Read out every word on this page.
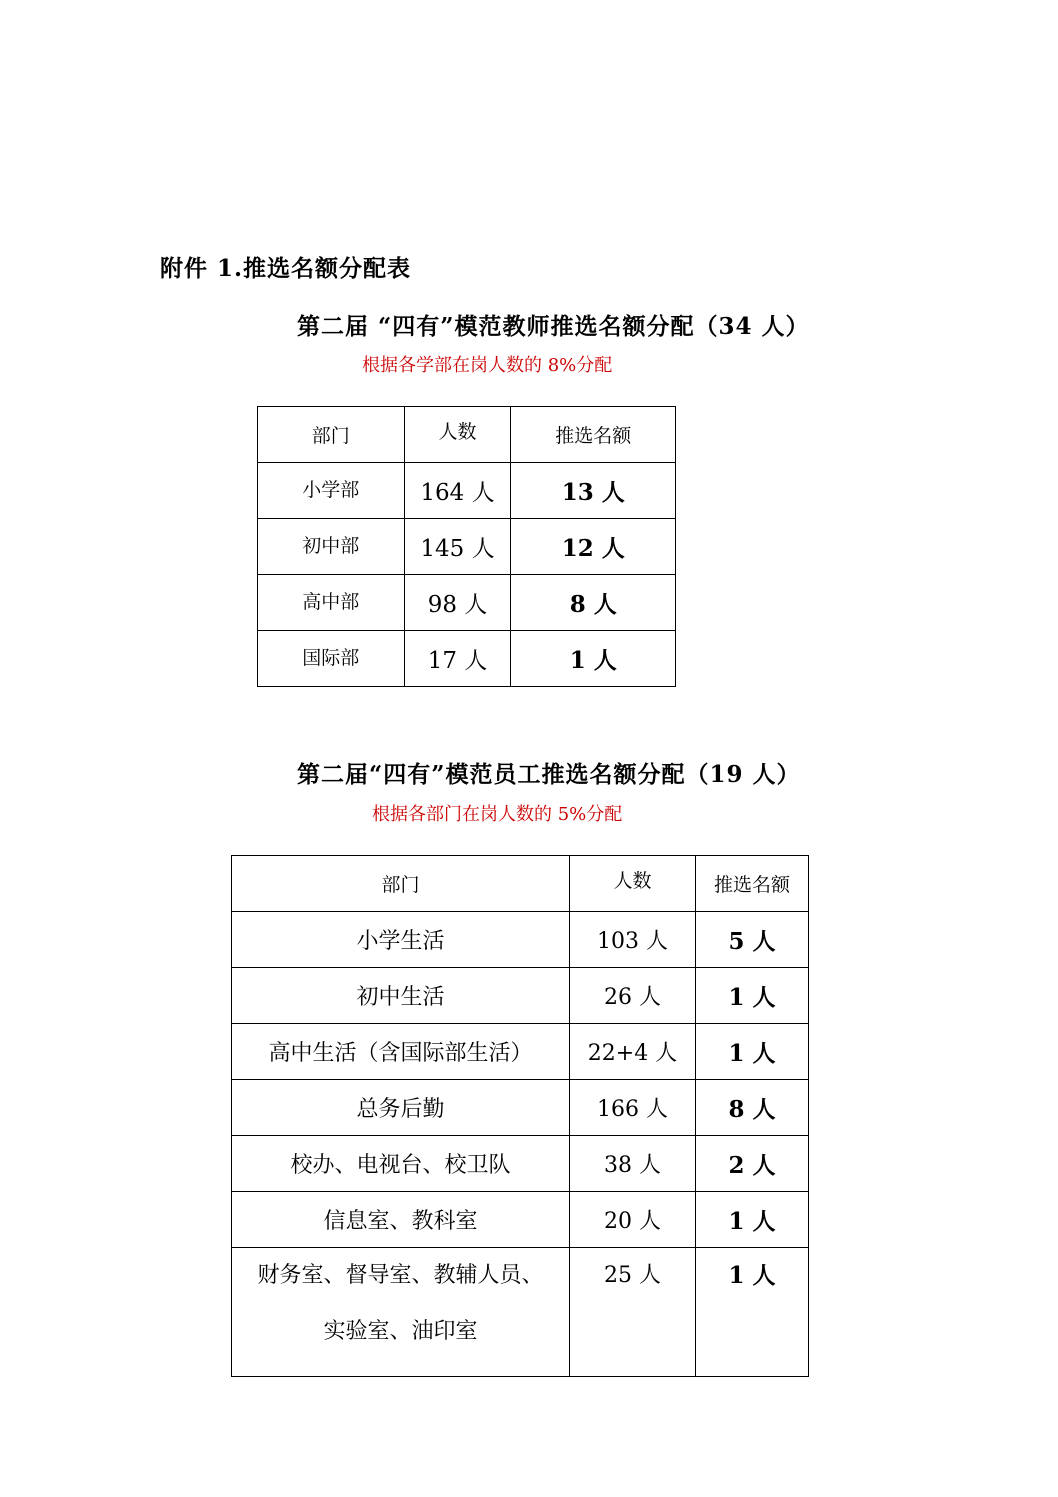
附件 1.推选名额分配表
第二届 “四有”模范教师推选名额分配（34 人）
根据各学部在岗人数的 8%分配
部门	人数	推选名额
小学部	164 人	13 人
初中部	145 人	12 人
高中部	98 人	8 人
国际部	17 人	1 人
第二届“四有”模范员工推选名额分配（19 人）
根据各部门在岗人数的 5%分配
部门	人数	推选名额
小学生活	103 人	5 人
初中生活	26 人	1 人
高中生活（含国际部生活）	22+4 人	1 人
总务后勤	166 人	8 人
校办、电视台、校卫队	38 人	2 人
信息室、教科室	20 人	1 人

财务室、督导室、教辅人员、
实验室、油印室	25 人	1 人
